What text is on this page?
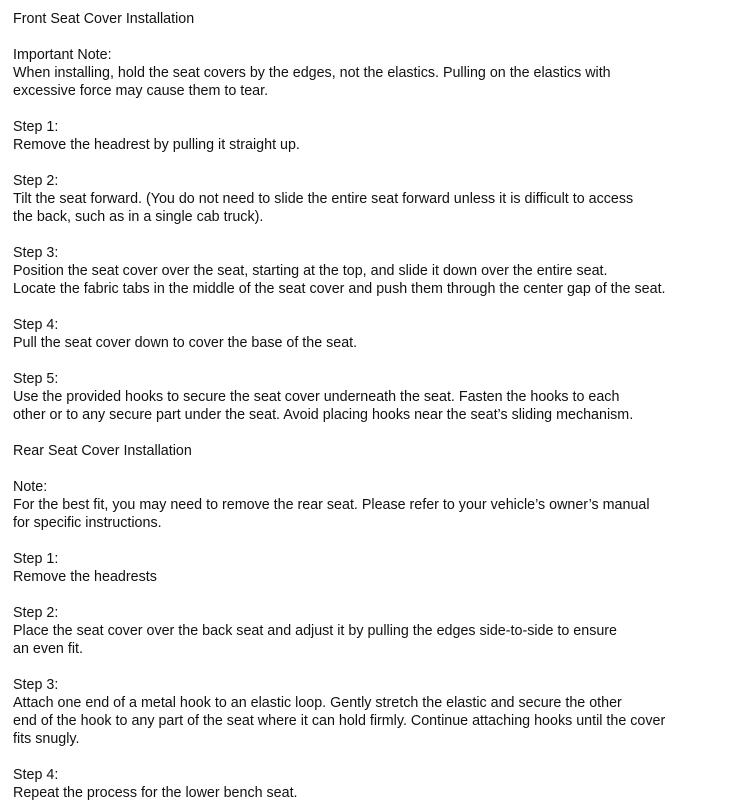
Front Seat Cover Installation
Important Note:
When installing, hold the seat covers by the edges, not the elastics. Pulling on the elastics with
excessive force may cause them to tear.
Step 1:
Remove the headrest by pulling it straight up.
Step 2:
Tilt the seat forward. (You do not need to slide the entire seat forward unless it is difficult to access
the back, such as in a single cab truck).
Step 3:
Position the seat cover over the seat, starting at the top, and slide it down over the entire seat.
Locate the fabric tabs in the middle of the seat cover and push them through the center gap of the seat.
Step 4:
Pull the seat cover down to cover the base of the seat.
Step 5:
Use the provided hooks to secure the seat cover underneath the seat. Fasten the hooks to each
other or to any secure part under the seat. Avoid placing hooks near the seat’s sliding mechanism.
Rear Seat Cover Installation
Note:
For the best fit, you may need to remove the rear seat. Please refer to your vehicle’s owner’s manual
for specific instructions.
Step 1:
Remove the headrests
Step 2:
Place the seat cover over the back seat and adjust it by pulling the edges side-to-side to ensure
an even fit.
Step 3:
Attach one end of a metal hook to an elastic loop. Gently stretch the elastic and secure the other
end of the hook to any part of the seat where it can hold firmly. Continue attaching hooks until the cover
fits snugly.
Step 4:
Repeat the process for the lower bench seat.
